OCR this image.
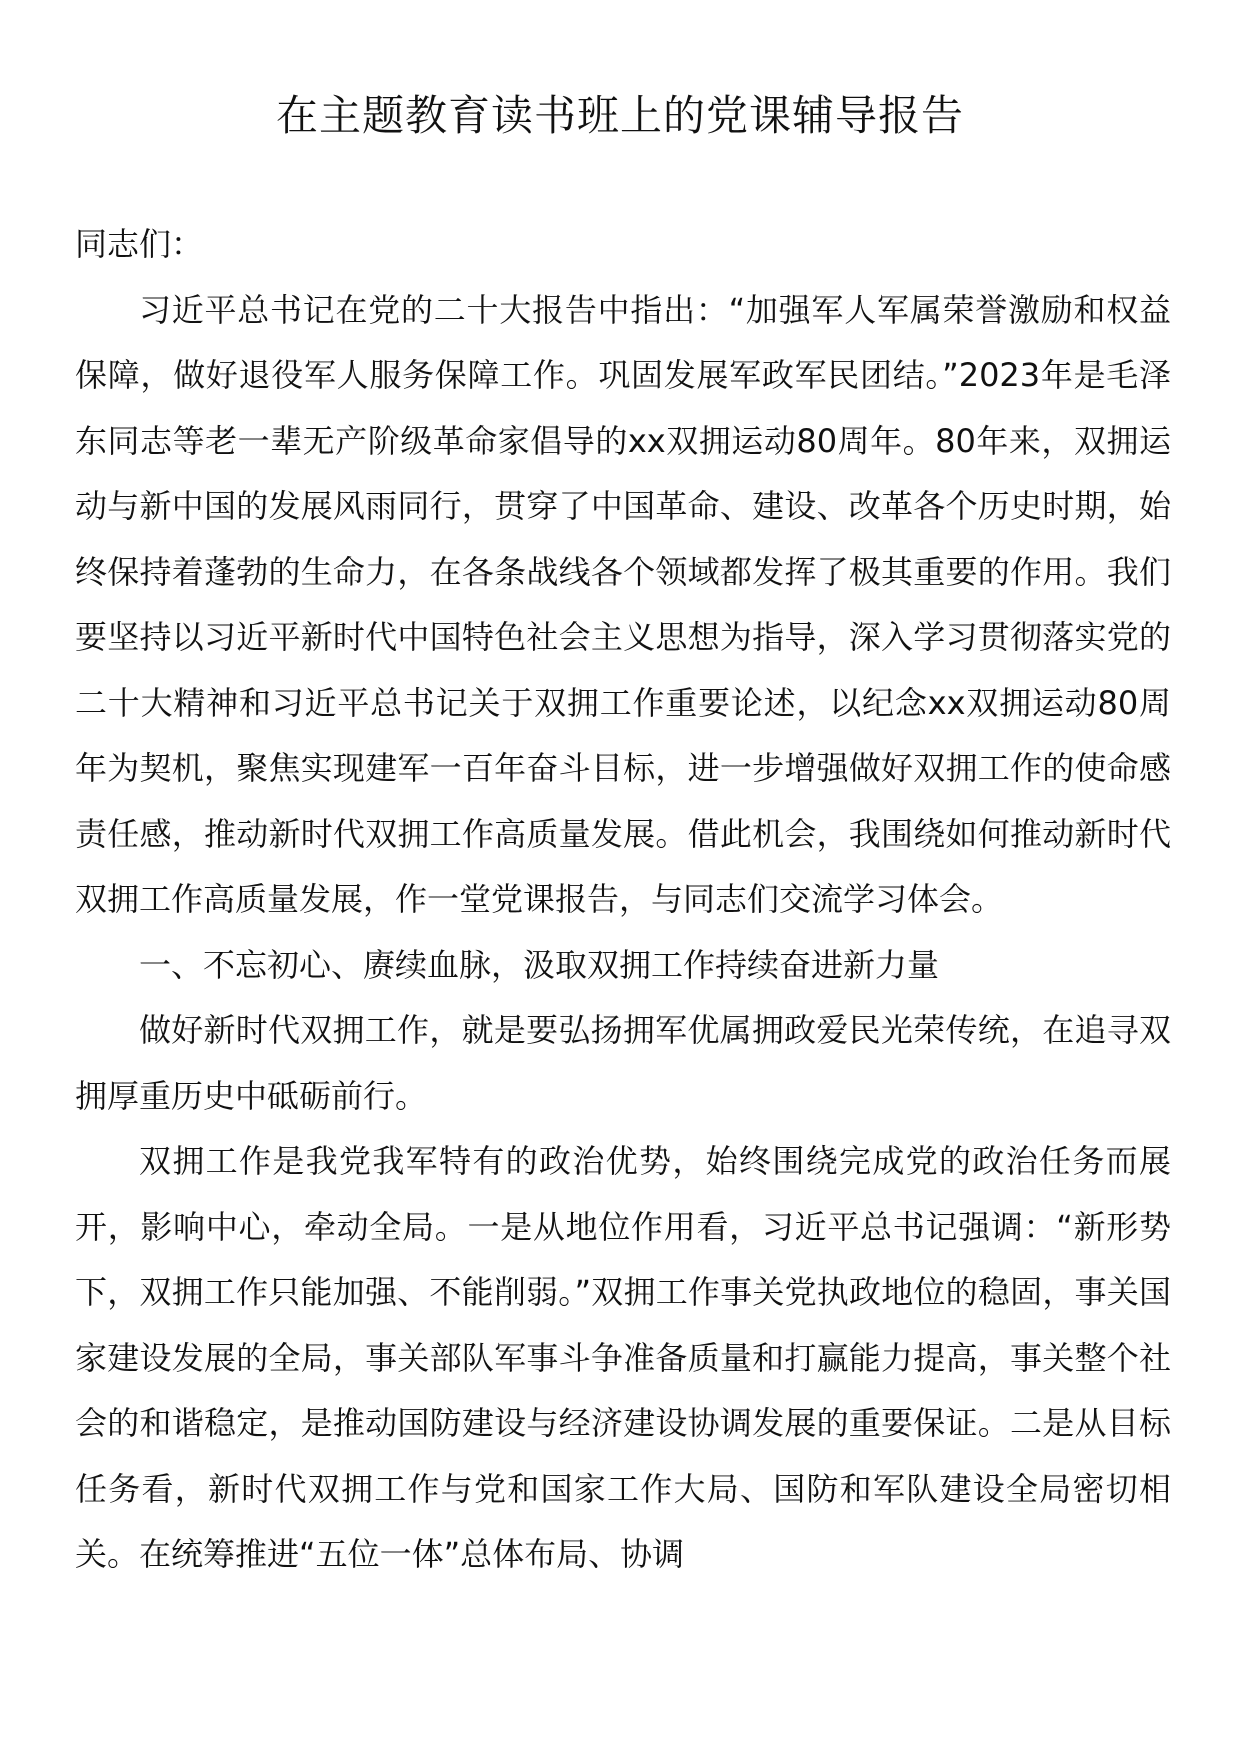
在主题教育读书班上的党课辅导报告

同志们：

习近平总书记在党的二十大报告中指出：“加强军人军属荣誉激励和权益保障，做好退役军人服务保障工作。巩固发展军政军民团结。”2023年是毛泽东同志等老一辈无产阶级革命家倡导的xx双拥运动80周年。80年来，双拥运动与新中国的发展风雨同行，贯穿了中国革命、建设、改革各个历史时期，始终保持着蓬勃的生命力，在各条战线各个领域都发挥了极其重要的作用。我们要坚持以习近平新时代中国特色社会主义思想为指导，深入学习贯彻落实党的二十大精神和习近平总书记关于双拥工作重要论述，以纪念xx双拥运动80周年为契机，聚焦实现建军一百年奋斗目标，进一步增强做好双拥工作的使命感责任感，推动新时代双拥工作高质量发展。借此机会，我围绕如何推动新时代双拥工作高质量发展，作一堂党课报告，与同志们交流学习体会。

一、不忘初心、赓续血脉，汲取双拥工作持续奋进新力量

做好新时代双拥工作，就是要弘扬拥军优属拥政爱民光荣传统，在追寻双拥厚重历史中砥砺前行。

双拥工作是我党我军特有的政治优势，始终围绕完成党的政治任务而展开，影响中心，牵动全局。一是从地位作用看，习近平总书记强调：“新形势下，双拥工作只能加强、不能削弱。”双拥工作事关党执政地位的稳固，事关国家建设发展的全局，事关部队军事斗争准备质量和打赢能力提高，事关整个社会的和谐稳定，是推动国防建设与经济建设协调发展的重要保证。二是从目标任务看，新时代双拥工作与党和国家工作大局、国防和军队建设全局密切相关。在统筹推进“五位一体”总体布局、协调
